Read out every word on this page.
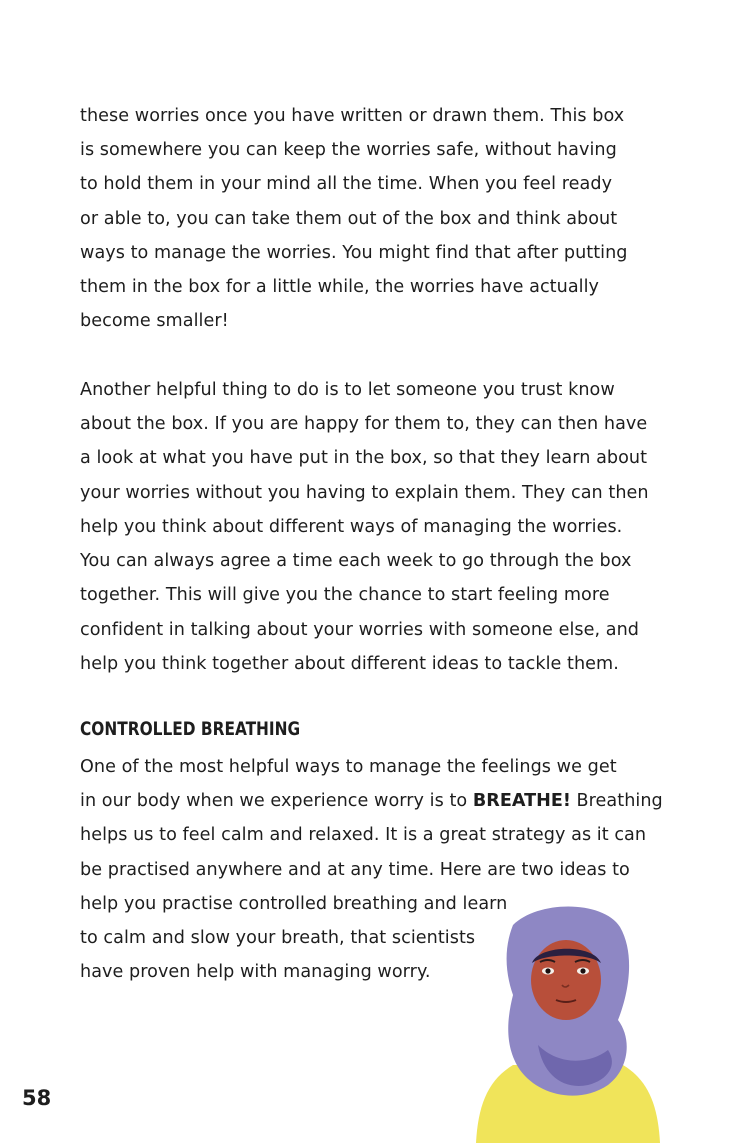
these worries once you have written or drawn them. This box
is somewhere you can keep the worries safe, without having
to hold them in your mind all the time. When you feel ready
or able to, you can take them out of the box and think about
ways to manage the worries. You might find that after putting
them in the box for a little while, the worries have actually
become smaller!
Another helpful thing to do is to let someone you trust know
about the box. If you are happy for them to, they can then have
a look at what you have put in the box, so that they learn about
your worries without you having to explain them. They can then
help you think about different ways of managing the worries.
You can always agree a time each week to go through the box
together. This will give you the chance to start feeling more
confident in talking about your worries with someone else, and
help you think together about different ideas to tackle them.
CONTROLLED BREATHING
One of the most helpful ways to manage the feelings we get
in our body when we experience worry is to BREATHE! Breathing
helps us to feel calm and relaxed. It is a great strategy as it can
be practised anywhere and at any time. Here are two ideas to
help you practise controlled breathing and learn
to calm and slow your breath, that scientists
have proven help with managing worry.
58
